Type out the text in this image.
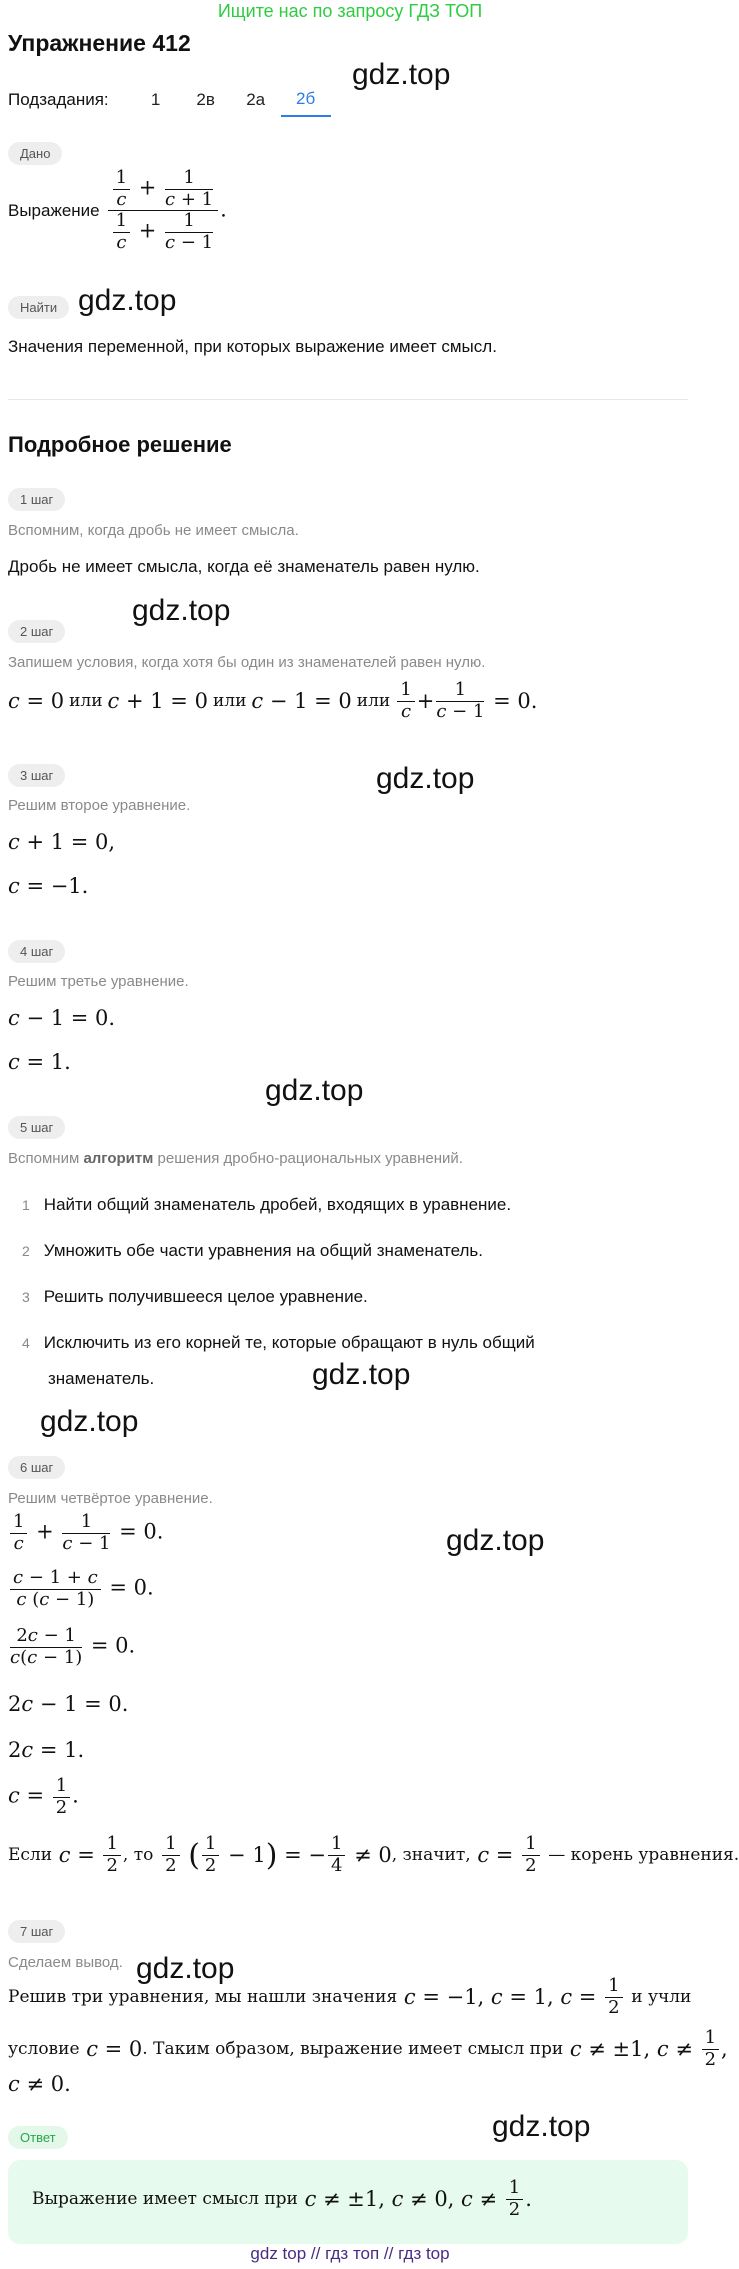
Ищите нас по запросу ГДЗ ТОП
Упражнение 412
Подзадания:	1	2в	2а	2б
gdz.top
gdz.top
gdz.top
gdz.top
gdz.top
gdz.top
gdz.top
gdz.top
gdz.top
gdz.top
Дано
Выражение $\frac{\frac{1}{c} + \frac{1}{c + 1}}{\frac{1}{c} + \frac{1}{c - 1}}$ .
Найти
Значения переменной, при которых выражение имеет смысл.
Подробное решение
1 шаг
Вспомним, когда дробь не имеет смысла.
Дробь не имеет смысла, когда её знаменатель равен нулю.
2 шаг
Запишем условия, когда хотя бы один из знаменателей равен нулю.
c = 0 или c + 1 = 0 или c − 1 = 0 или $\frac{1}{c} + \frac{1}{c - 1} = 0$.
3 шаг
Решим второе уравнение.
c + 1 = 0,
c = −1.
4 шаг
Решим третье уравнение.
c − 1 = 0.
c = 1.
5 шаг
Вспомним алгоритм решения дробно-рациональных уравнений.
1 Найти общий знаменатель дробей, входящих в уравнение.
2 Умножить обе части уравнения на общий знаменатель.
3 Решить получившееся целое уравнение.
4 Исключить из его корней те, которые обращают в нуль общий
знаменатель.
6 шаг
Решим четвёртое уравнение.
$\frac{1}{c} + \frac{1}{c - 1} = 0$.
$\frac{c - 1 + c}{c (c - 1)} = 0$.
$\frac{2c - 1}{c(c - 1)} = 0$.
2c − 1 = 0.
2c = 1.
$c = \frac{1}{2}$ .
Если
$c = \frac{1}{2}$ , то
$\frac{1}{2}$
( $\frac{1}{2} - 1$ ) = − $\frac{1}{4} \ne 0$ , значит,
$c = \frac{1}{2}$
— корень уравнения.
7 шаг
Сделаем вывод.
Решив три уравнения, мы нашли значения
c = −1, c = 1, $c = \frac{1}{2}$
и учли
условие
c = 0 . Таким образом, выражение имеет смысл при
c ≠ ±1, $c \ne \frac{1}{2}$ ,
c ≠ 0.
Ответ
Выражение имеет смысл при
c ≠ ±1, c ≠ 0, $c \ne \frac{1}{2}$ .
gdz top // гдз топ // гдз top
